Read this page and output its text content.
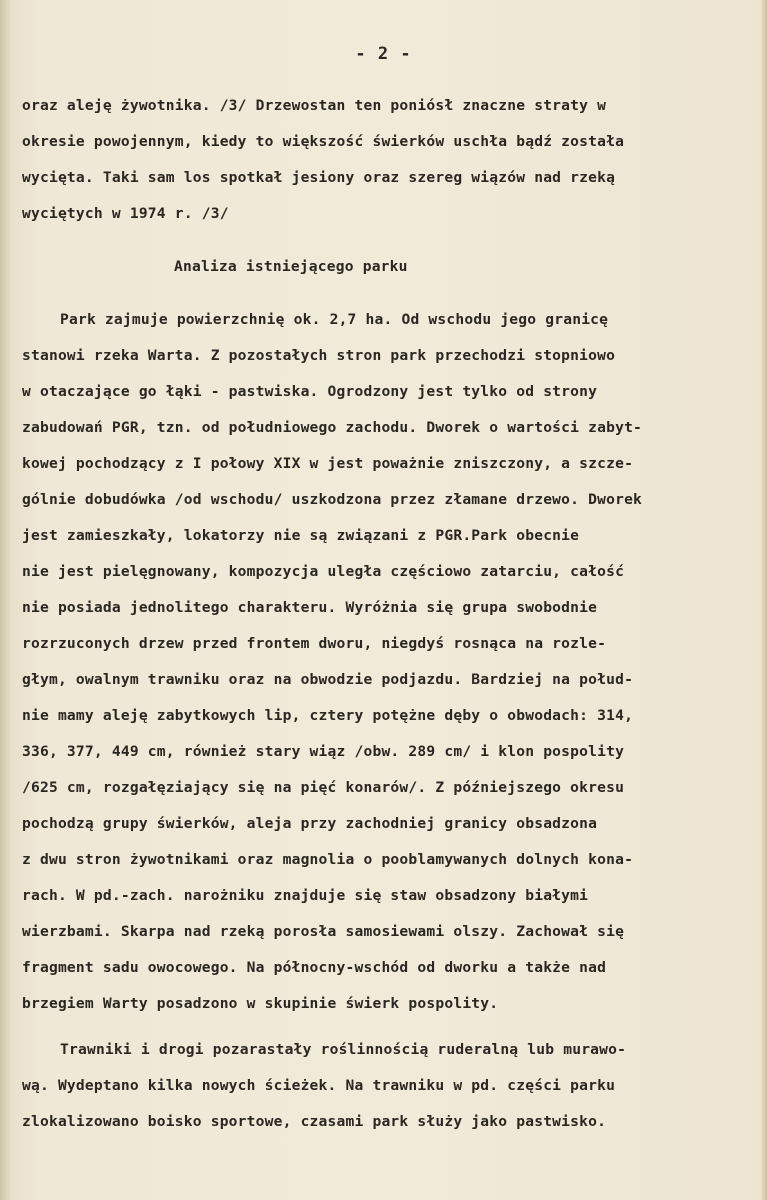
- 2 -
oraz aleję żywotnika. /3/ Drzewostan ten poniósł znaczne straty w
okresie powojennym, kiedy to większość świerków uschła bądź została
wycięta. Taki sam los spotkał jesiony oraz szereg wiązów nad rzeką
wyciętych w 1974 r. /3/
Analiza istniejącego parku
Park zajmuje powierzchnię ok. 2,7 ha. Od wschodu jego granicę
stanowi rzeka Warta. Z pozostałych stron park przechodzi stopniowo
w otaczające go łąki - pastwiska. Ogrodzony jest tylko od strony
zabudowań PGR, tzn. od południowego zachodu. Dworek o wartości zabyt-
kowej pochodzący z I połowy XIX w jest poważnie zniszczony, a szcze-
gólnie dobudówka /od wschodu/ uszkodzona przez złamane drzewo. Dworek
jest zamieszkały, lokatorzy nie są związani z PGR.Park obecnie
nie jest pielęgnowany, kompozycja uległa częściowo zatarciu, całość
nie posiada jednolitego charakteru. Wyróżnia się grupa swobodnie
rozrzuconych drzew przed frontem dworu, niegdyś rosnąca na rozle-
głym, owalnym trawniku oraz na obwodzie podjazdu. Bardziej na połud-
nie mamy aleję zabytkowych lip, cztery potężne dęby o obwodach: 314,
336, 377, 449 cm, również stary wiąz /obw. 289 cm/ i klon pospolity
/625 cm, rozgałęziający się na pięć konarów/. Z późniejszego okresu
pochodzą grupy świerków, aleja przy zachodniej granicy obsadzona
z dwu stron żywotnikami oraz magnolia o pooblamywanych dolnych kona-
rach. W pd.-zach. narożniku znajduje się staw obsadzony białymi
wierzbami. Skarpa nad rzeką porosła samosiewami olszy. Zachował się
fragment sadu owocowego. Na północny-wschód od dworku a także nad
brzegiem Warty posadzono w skupinie świerk pospolity.
Trawniki i drogi pozarastały roślinnością ruderalną lub murawo-
wą. Wydeptano kilka nowych ścieżek. Na trawniku w pd. części parku
zlokalizowano boisko sportowe, czasami park służy jako pastwisko.
